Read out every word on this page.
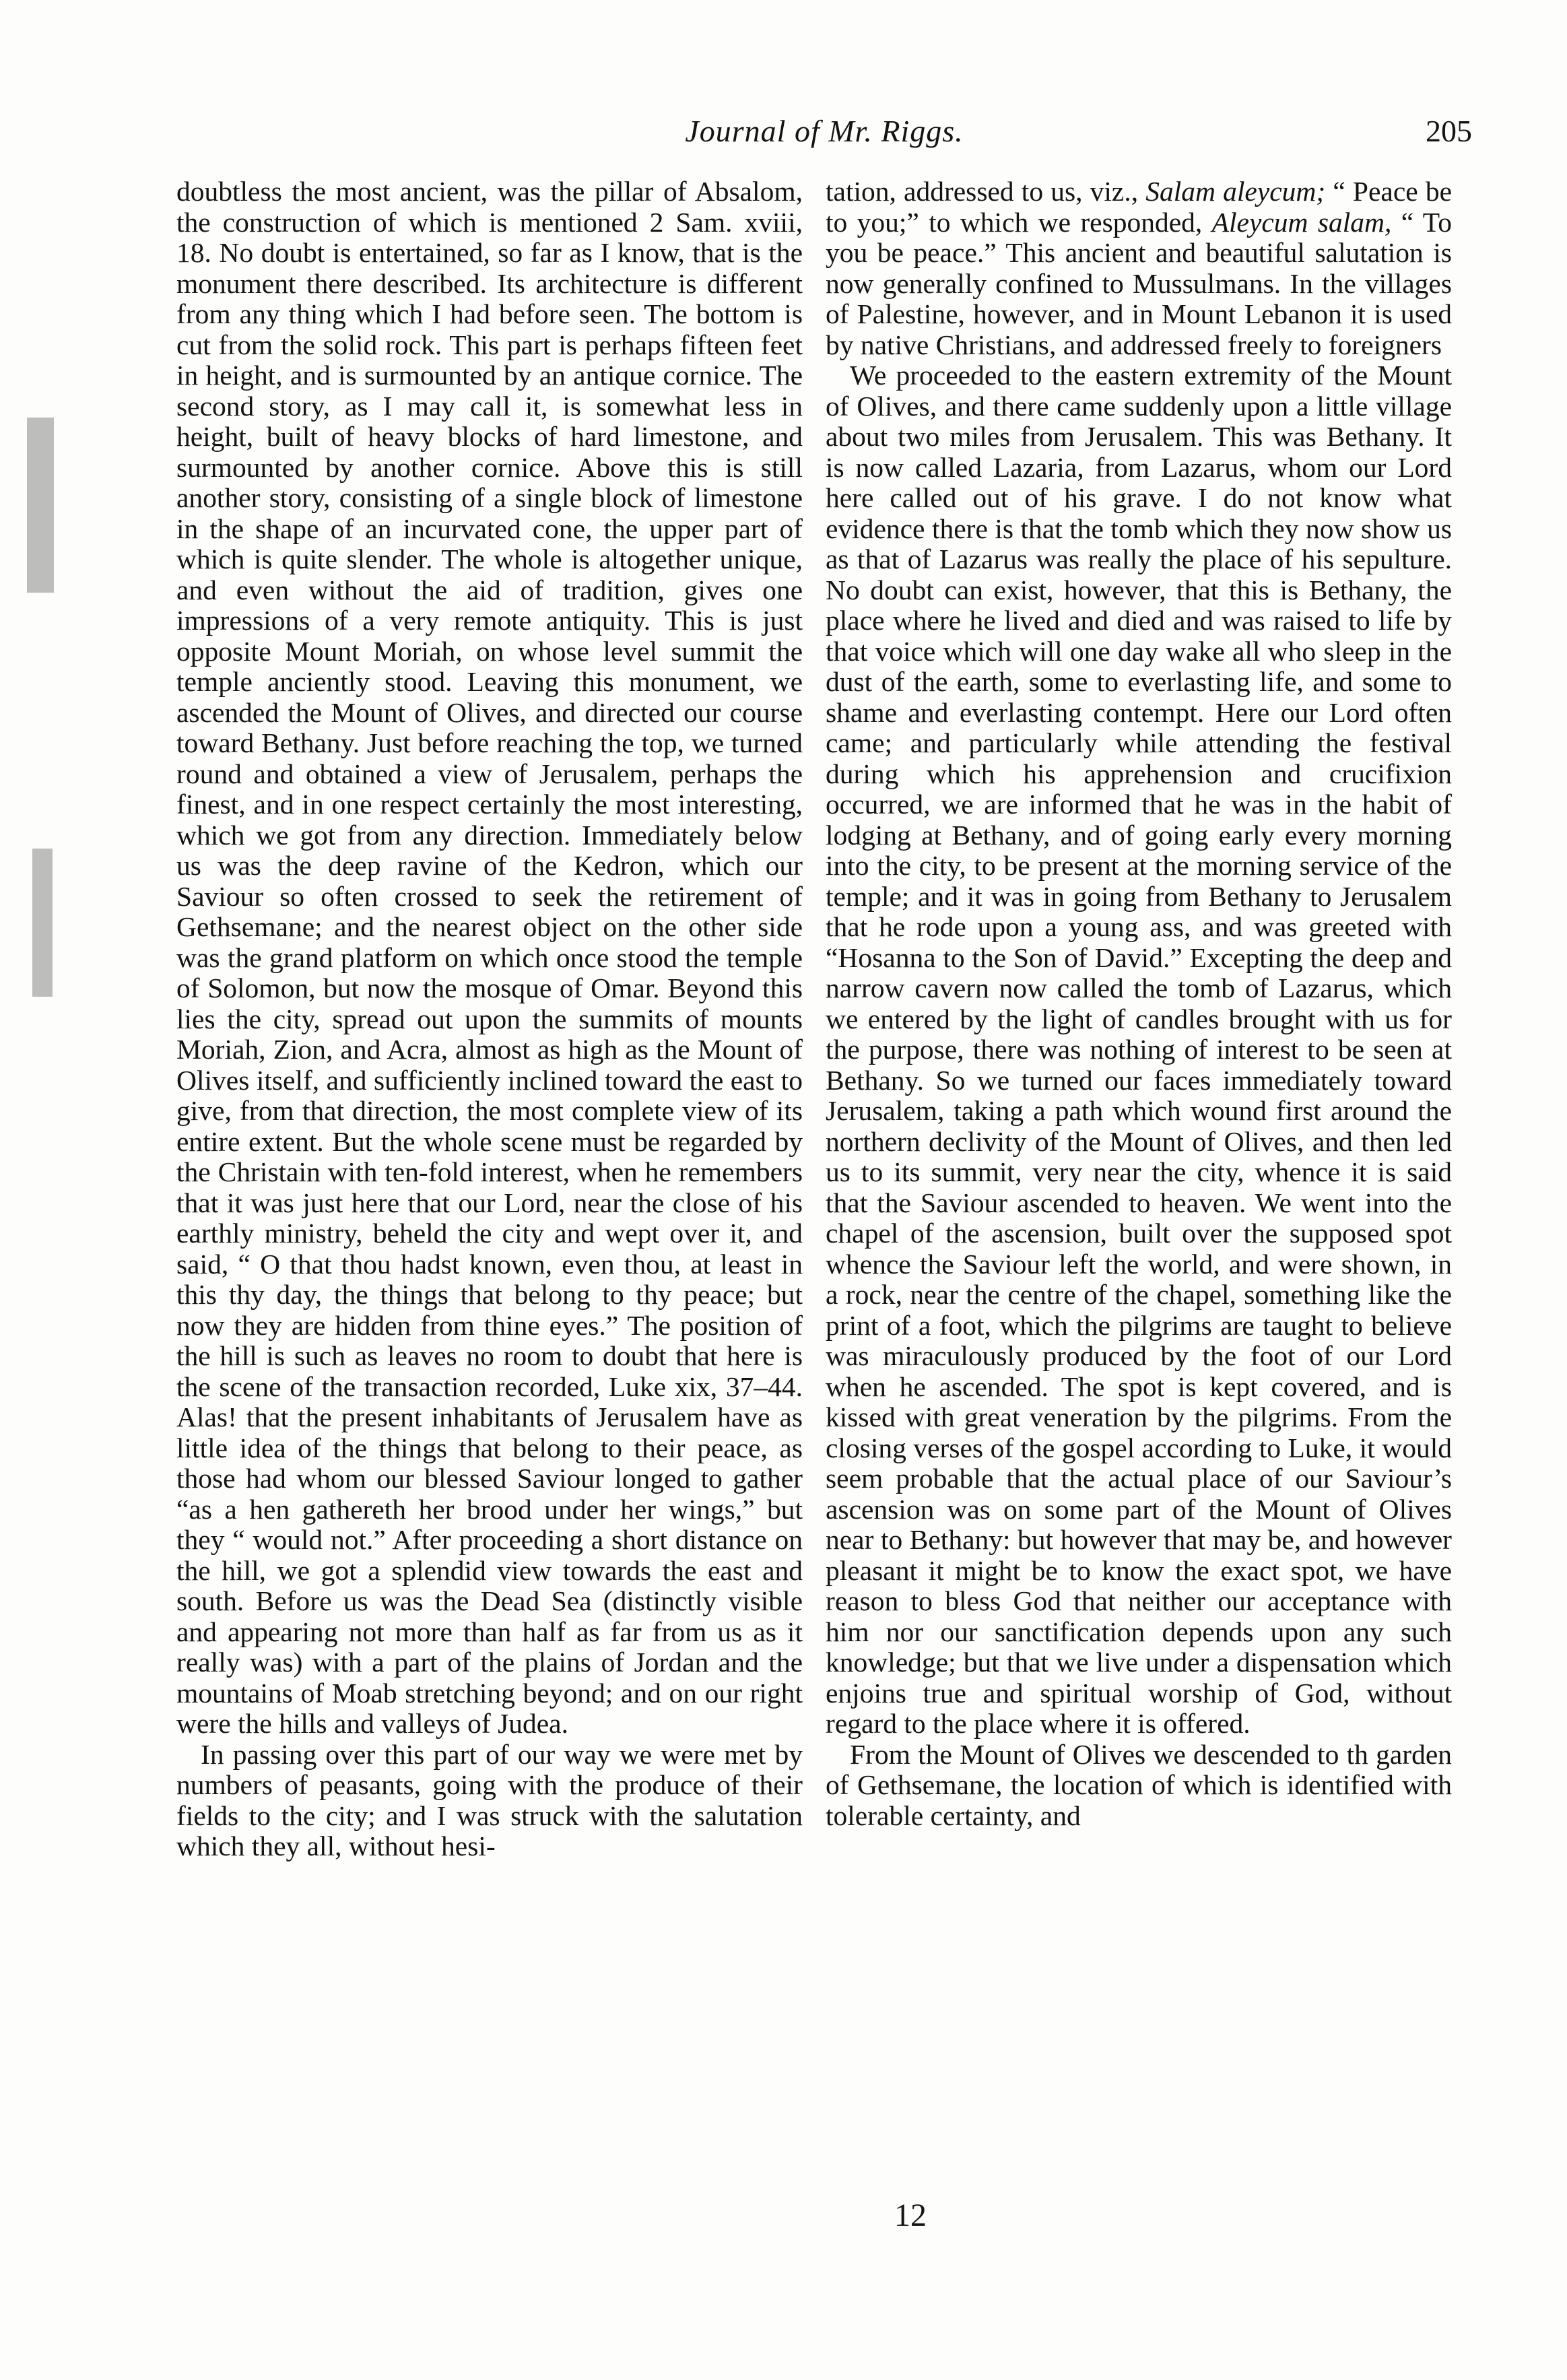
Journal of Mr. Riggs.	205

doubtless the most ancient, was the pillar of Absalom, the construction of which is mentioned 2 Sam. xviii, 18. No doubt is entertained, so far as I know, that is the monument there described. Its architecture is different from any thing which I had before seen. The bottom is cut from the solid rock. This part is perhaps fifteen feet in height, and is surmounted by an antique cornice. The second story, as I may call it, is somewhat less in height, built of heavy blocks of hard limestone, and surmounted by another cornice. Above this is still another story, consisting of a single block of limestone in the shape of an incurvated cone, the upper part of which is quite slender. The whole is altogether unique, and even without the aid of tradition, gives one impressions of a very remote antiquity. This is just opposite Mount Moriah, on whose level summit the temple anciently stood. Leaving this monument, we ascended the Mount of Olives, and directed our course toward Bethany. Just before reaching the top, we turned round and obtained a view of Jerusalem, perhaps the finest, and in one respect certainly the most interesting, which we got from any direction. Immediately below us was the deep ravine of the Kedron, which our Saviour so often crossed to seek the retirement of Gethsemane; and the nearest object on the other side was the grand platform on which once stood the temple of Solomon, but now the mosque of Omar. Beyond this lies the city, spread out upon the summits of mounts Moriah, Zion, and Acra, almost as high as the Mount of Olives itself, and sufficiently inclined toward the east to give, from that direction, the most complete view of its entire extent. But the whole scene must be regarded by the Christain with ten-fold interest, when he remembers that it was just here that our Lord, near the close of his earthly ministry, beheld the city and wept over it, and said, “ O that thou hadst known, even thou, at least in this thy day, the things that belong to thy peace; but now they are hidden from thine eyes.” The position of the hill is such as leaves no room to doubt that here is the scene of the transaction recorded, Luke xix, 37–44. Alas! that the present inhabitants of Jerusalem have as little idea of the things that belong to their peace, as those had whom our blessed Saviour longed to gather “as a hen gathereth her brood under her wings,” but they “ would not.” After proceeding a short distance on the hill, we got a splendid view towards the east and south. Before us was the Dead Sea (distinctly visible and appearing not more than half as far from us as it really was) with a part of the plains of Jordan and the mountains of Moab stretching beyond; and on our right were the hills and valleys of Judea.

In passing over this part of our way we were met by numbers of peasants, going with the produce of their fields to the city; and I was struck with the salutation which they all, without hesi-

tation, addressed to us, viz., Salam aleycum; “ Peace be to you;” to which we responded, Aleycum salam, “ To you be peace.” This ancient and beautiful salutation is now generally confined to Mussulmans. In the villages of Palestine, however, and in Mount Lebanon it is used by native Christians, and addressed freely to foreigners

We proceeded to the eastern extremity of the Mount of Olives, and there came suddenly upon a little village about two miles from Jerusalem. This was Bethany. It is now called Lazaria, from Lazarus, whom our Lord here called out of his grave. I do not know what evidence there is that the tomb which they now show us as that of Lazarus was really the place of his sepulture. No doubt can exist, however, that this is Bethany, the place where he lived and died and was raised to life by that voice which will one day wake all who sleep in the dust of the earth, some to everlasting life, and some to shame and everlasting contempt. Here our Lord often came; and particularly while attending the festival during which his apprehension and crucifixion occurred, we are informed that he was in the habit of lodging at Bethany, and of going early every morning into the city, to be present at the morning service of the temple; and it was in going from Bethany to Jerusalem that he rode upon a young ass, and was greeted with “Hosanna to the Son of David.” Excepting the deep and narrow cavern now called the tomb of Lazarus, which we entered by the light of candles brought with us for the purpose, there was nothing of interest to be seen at Bethany. So we turned our faces immediately toward Jerusalem, taking a path which wound first around the northern declivity of the Mount of Olives, and then led us to its summit, very near the city, whence it is said that the Saviour ascended to heaven. We went into the chapel of the ascension, built over the supposed spot whence the Saviour left the world, and were shown, in a rock, near the centre of the chapel, something like the print of a foot, which the pilgrims are taught to believe was miraculously produced by the foot of our Lord when he ascended. The spot is kept covered, and is kissed with great veneration by the pilgrims. From the closing verses of the gospel according to Luke, it would seem probable that the actual place of our Saviour’s ascension was on some part of the Mount of Olives near to Bethany: but however that may be, and however pleasant it might be to know the exact spot, we have reason to bless God that neither our acceptance with him nor our sanctification depends upon any such knowledge; but that we live under a dispensation which enjoins true and spiritual worship of God, without regard to the place where it is offered.

From the Mount of Olives we descended to th garden of Gethsemane, the location of which is identified with tolerable certainty, and

12
